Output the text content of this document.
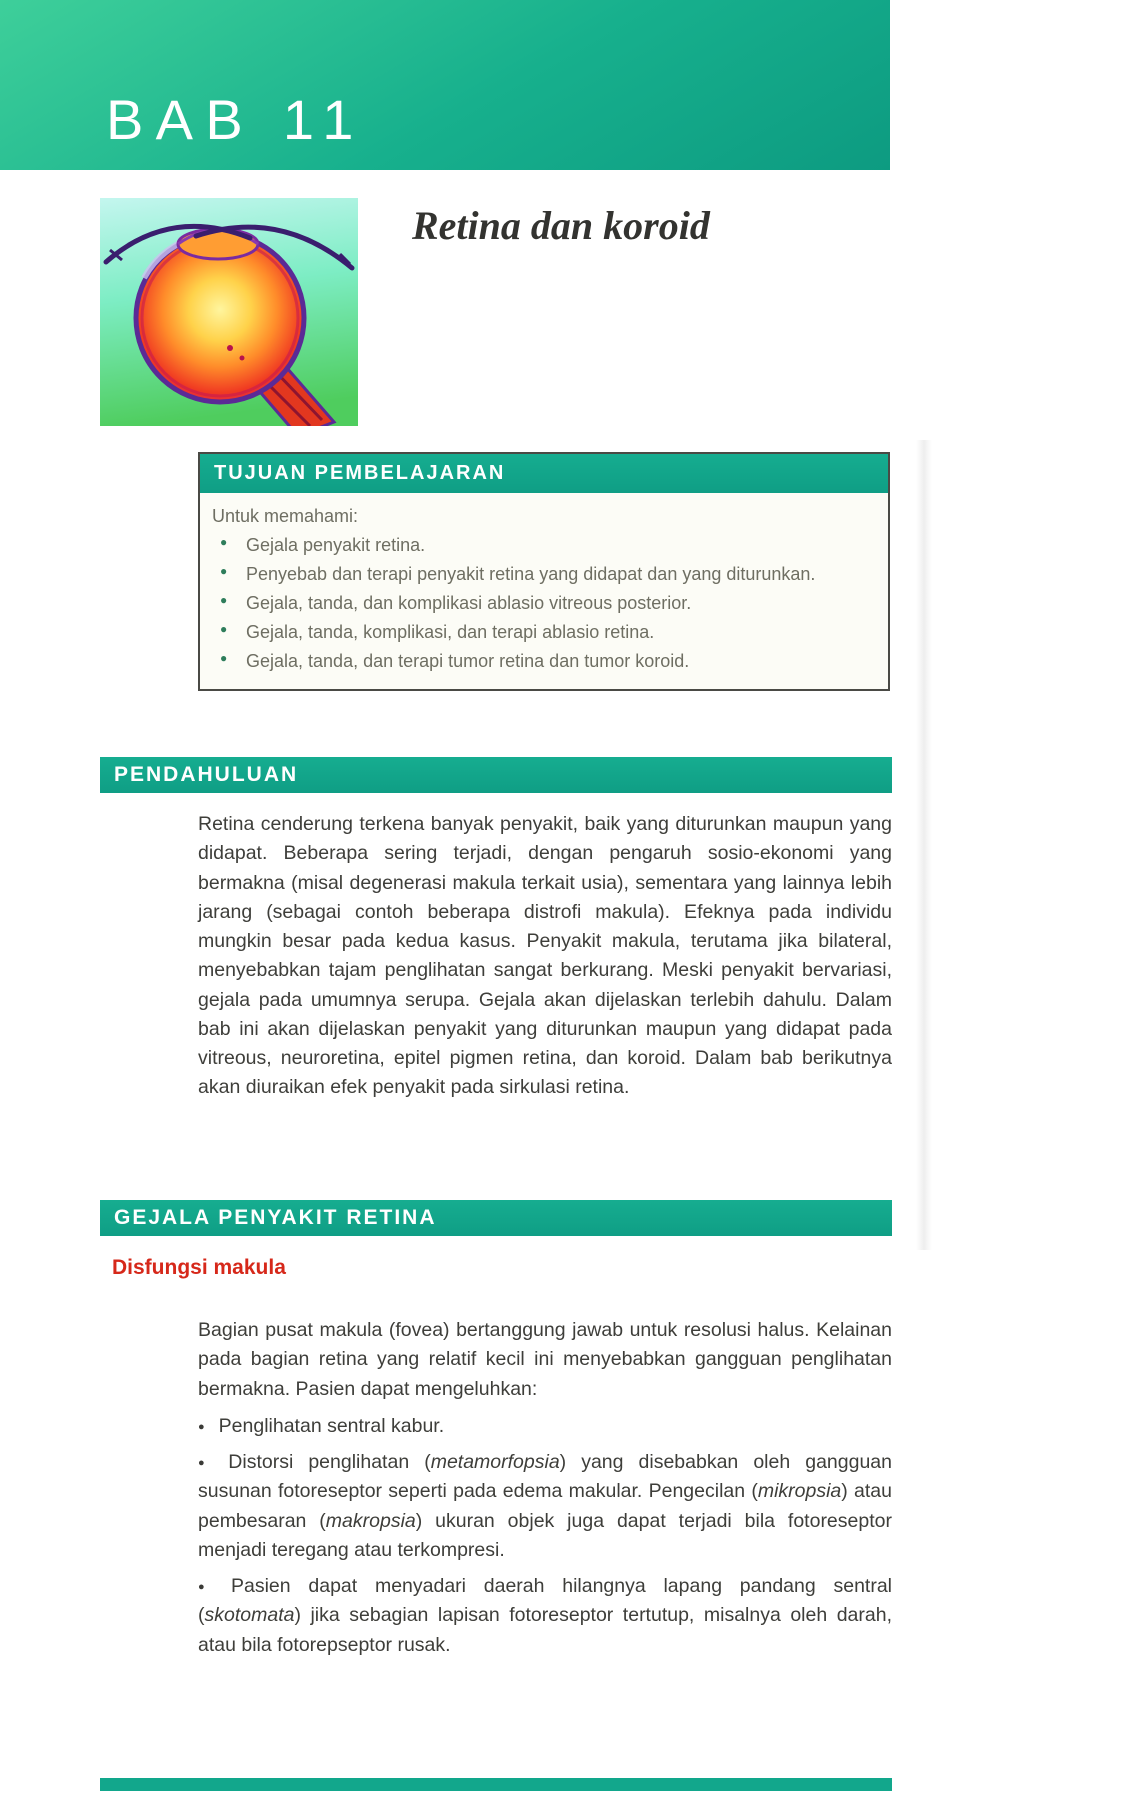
BAB 11
Retina dan koroid
TUJUAN PEMBELAJARAN

Untuk memahami:

● Gejala penyakit retina.
● Penyebab dan terapi penyakit retina yang didapat dan yang diturunkan.
● Gejala, tanda, dan komplikasi ablasio vitreous posterior.
● Gejala, tanda, komplikasi, dan terapi ablasio retina.
● Gejala, tanda, dan terapi tumor retina dan tumor koroid.
PENDAHULUAN

Retina cenderung terkena banyak penyakit, baik yang diturunkan maupun yang didapat. Beberapa sering terjadi, dengan pengaruh sosio-ekonomi yang bermakna (misal degenerasi makula terkait usia), sementara yang lainnya lebih jarang (sebagai contoh beberapa distrofi makula). Efeknya pada individu mungkin besar pada kedua kasus. Penyakit makula, terutama jika bilateral, menyebabkan tajam penglihatan sangat berkurang. Meski penyakit bervariasi, gejala pada umumnya serupa. Gejala akan dijelaskan terlebih dahulu. Dalam bab ini akan dijelaskan penyakit yang diturunkan maupun yang didapat pada vitreous, neuroretina, epitel pigmen retina, dan koroid. Dalam bab berikutnya akan diuraikan efek penyakit pada sirkulasi retina.

GEJALA PENYAKIT RETINA
Disfungsi makula

Bagian pusat makula (fovea) bertanggung jawab untuk resolusi halus. Kelainan pada bagian retina yang relatif kecil ini menyebabkan gangguan penglihatan bermakna. Pasien dapat mengeluhkan:

● Penglihatan sentral kabur.
● Distorsi penglihatan (metamorfopsia) yang disebabkan oleh gangguan susunan fotoreseptor seperti pada edema makular. Pengecilan (mikropsia) atau pembesaran (makropsia) ukuran objek juga dapat terjadi bila fotoreseptor menjadi teregang atau terkompresi.
● Pasien dapat menyadari daerah hilangnya lapang pandang sentral (skotomata) jika sebagian lapisan fotoreseptor tertutup, misalnya oleh darah, atau bila fotorepseptor rusak.
